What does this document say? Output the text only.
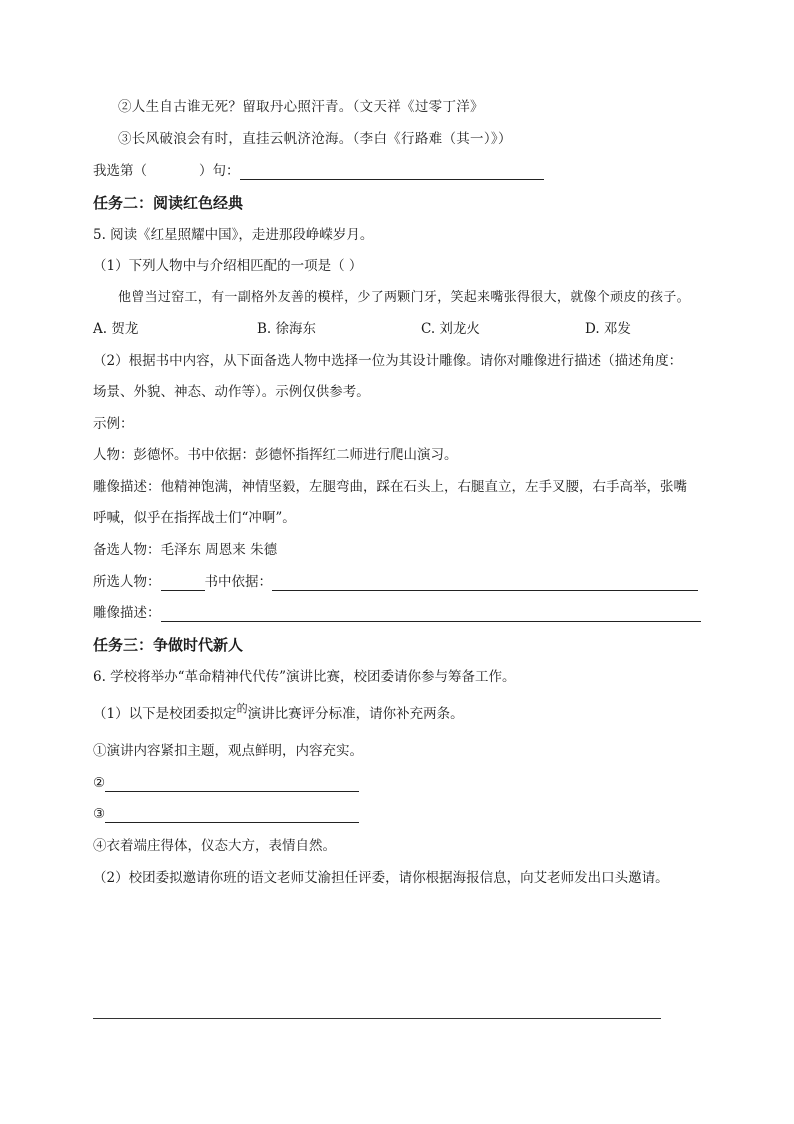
②人生自古谁无死？留取丹心照汗青。（文天祥《过零丁洋》
③长风破浪会有时，直挂云帆济沧海。（李白《行路难（其一）》）
我选第（	）句：
任务二：阅读红色经典
5. 阅读《红星照耀中国》，走进那段峥嵘岁月。
（1）下列人物中与介绍相匹配的一项是（ ）
他曾当过窑工，有一副格外友善的模样，少了两颗门牙，笑起来嘴张得很大，就像个顽皮的孩子。
A. 贺龙	B. 徐海东	C. 刘龙火	D. 邓发
（2）根据书中内容，从下面备选人物中选择一位为其设计雕像。请你对雕像进行描述（描述角度：
场景、外貌、神态、动作等）。示例仅供参考。
示例：
人物：彭德怀。书中依据：彭德怀指挥红二师进行爬山演习。
雕像描述：他精神饱满，神情坚毅，左腿弯曲，踩在石头上，右腿直立，左手叉腰，右手高举，张嘴
呼喊，似乎在指挥战士们“冲啊”。
备选人物：毛泽东 周恩来 朱德
所选人物：	书中依据：
雕像描述：
任务三：争做时代新人
6. 学校将举办“革命精神代代传”演讲比赛，校团委请你参与筹备工作。
（1）以下是校团委拟定$^的$演讲比赛评分标准，请你补充两条。
①演讲内容紧扣主题，观点鲜明，内容充实。
②
③
④衣着端庄得体，仪态大方，表情自然。
（2）校团委拟邀请你班的语文老师艾渝担任评委，请你根据海报信息，向艾老师发出口头邀请。
